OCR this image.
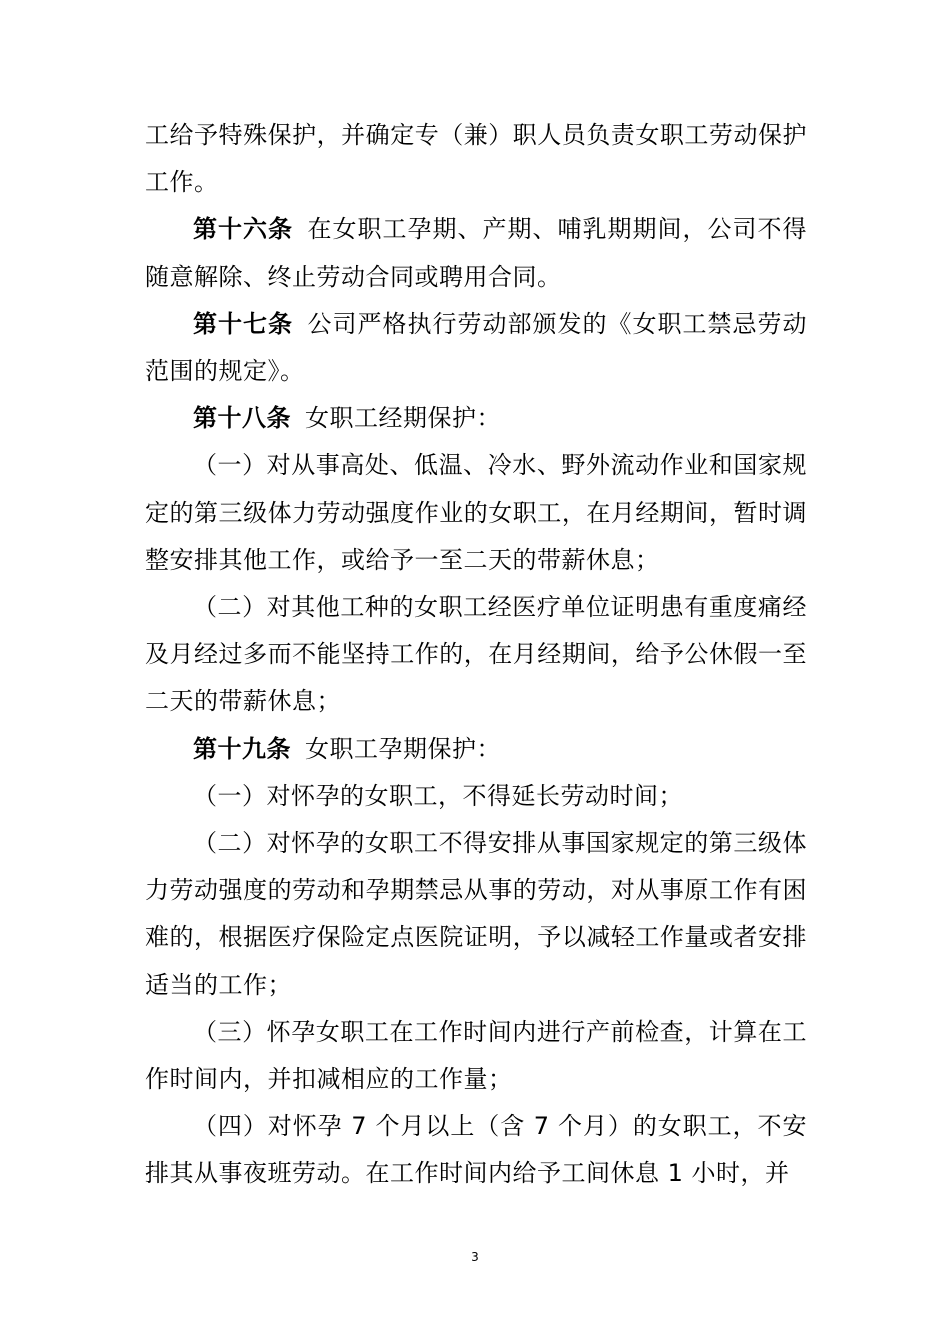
工给予特殊保护，并确定专（兼）职人员负责女职工劳动保护工作。

第十六条 在女职工孕期、产期、哺乳期期间，公司不得随意解除、终止劳动合同或聘用合同。

第十七条 公司严格执行劳动部颁发的《女职工禁忌劳动范围的规定》。

第十八条 女职工经期保护：

（一）对从事高处、低温、冷水、野外流动作业和国家规定的第三级体力劳动强度作业的女职工，在月经期间，暂时调整安排其他工作，或给予一至二天的带薪休息；

（二）对其他工种的女职工经医疗单位证明患有重度痛经及月经过多而不能坚持工作的，在月经期间，给予公休假一至二天的带薪休息；

第十九条 女职工孕期保护：

（一）对怀孕的女职工，不得延长劳动时间；

（二）对怀孕的女职工不得安排从事国家规定的第三级体力劳动强度的劳动和孕期禁忌从事的劳动，对从事原工作有困难的，根据医疗保险定点医院证明，予以减轻工作量或者安排适当的工作；

（三）怀孕女职工在工作时间内进行产前检查，计算在工作时间内，并扣减相应的工作量；

（四）对怀孕 7 个月以上（含 7 个月）的女职工，不安排其从事夜班劳动。在工作时间内给予工间休息 1 小时，并

3
